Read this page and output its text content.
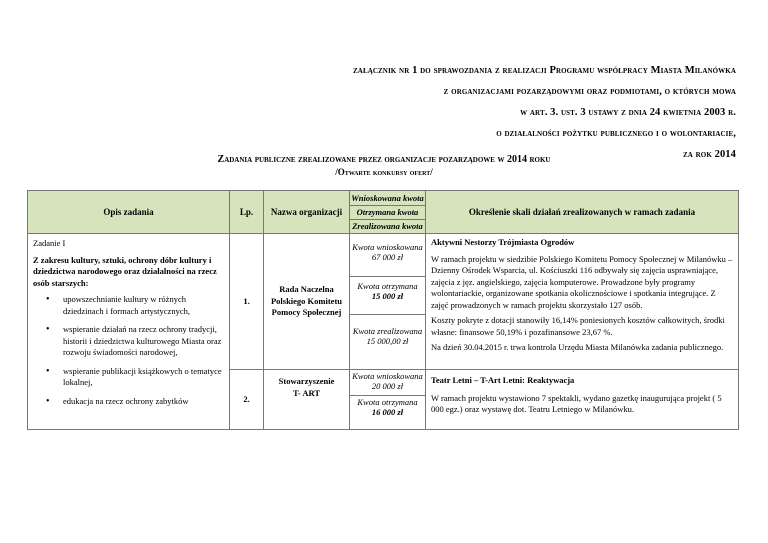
załącznik nr 1 do sprawozdania z realizacji Programu współpracy Miasta Milanówka
z organizacjami pozarządowymi oraz podmiotami, o których mowa
w art. 3. ust. 3 ustawy z dnia 24 kwietnia 2003 r.
o działalności pożytku publicznego i o wolontariacie,
za rok 2014
Zadania publiczne zrealizowane przez organizacje pozarządowe w 2014 roku
/Otwarte konkursy ofert/
Opis zadania	Lp.	Nazwa organizacji
Wnioskowana kwota
Otrzymana kwota
Zrealizowana kwota
Określenie skali działań zrealizowanych w ramach zadania
Zadanie I
Z zakresu kultury, sztuki, ochrony dóbr kultury i dziedzictwa narodowego oraz działalności na rzecz osób starszych:
• upowszechnianie kultury w różnych dziedzinach i formach artystycznych,
• wspieranie działań na rzecz ochrony tradycji, historii i dziedzictwa kulturowego Miasta oraz rozwoju świadomości narodowej,
• wspieranie publikacji książkowych o tematyce lokalnej,
• edukacja na rzecz ochrony zabytków
1.
Rada Naczelna Polskiego Komitetu Pomocy Społecznej
Kwota wnioskowana
67 000 zł
Kwota otrzymana
15 000 zł
Kwota zrealizowana
15 000,00 zł
Aktywni Nestorzy Trójmiasta Ogrodów
W ramach projektu w siedzibie Polskiego Komitetu Pomocy Społecznej w Milanówku – Dzienny Ośrodek Wsparcia, ul. Kościuszki 116 odbywały się zajęcia usprawniające, zajęcia z jęz. angielskiego, zajęcia komputerowe. Prowadzone były programy wolontariackie, organizowane spotkania okolicznościowe i spotkania integrujące. Z zajęć prowadzonych w ramach projektu skorzystało 127 osób.
Koszty pokryte z dotacji stanowiły 16,14% poniesionych kosztów całkowitych, środki własne: finansowe 50,19% i pozafinansowe 23,67 %.
Na dzień 30.04.2015 r. trwa kontrola Urzędu Miasta Milanówka zadania publicznego.
2.
Stowarzyszenie T- ART
Kwota wnioskowana
20 000 zł
Kwota otrzymana
16 000 zł
Teatr Letni – T-Art Letni: Reaktywacja
W ramach projektu wystawiono 7 spektakli, wydano gazetkę inaugurująca projekt ( 5 000 egz.) oraz wystawę dot. Teatru Letniego w Milanówku.
